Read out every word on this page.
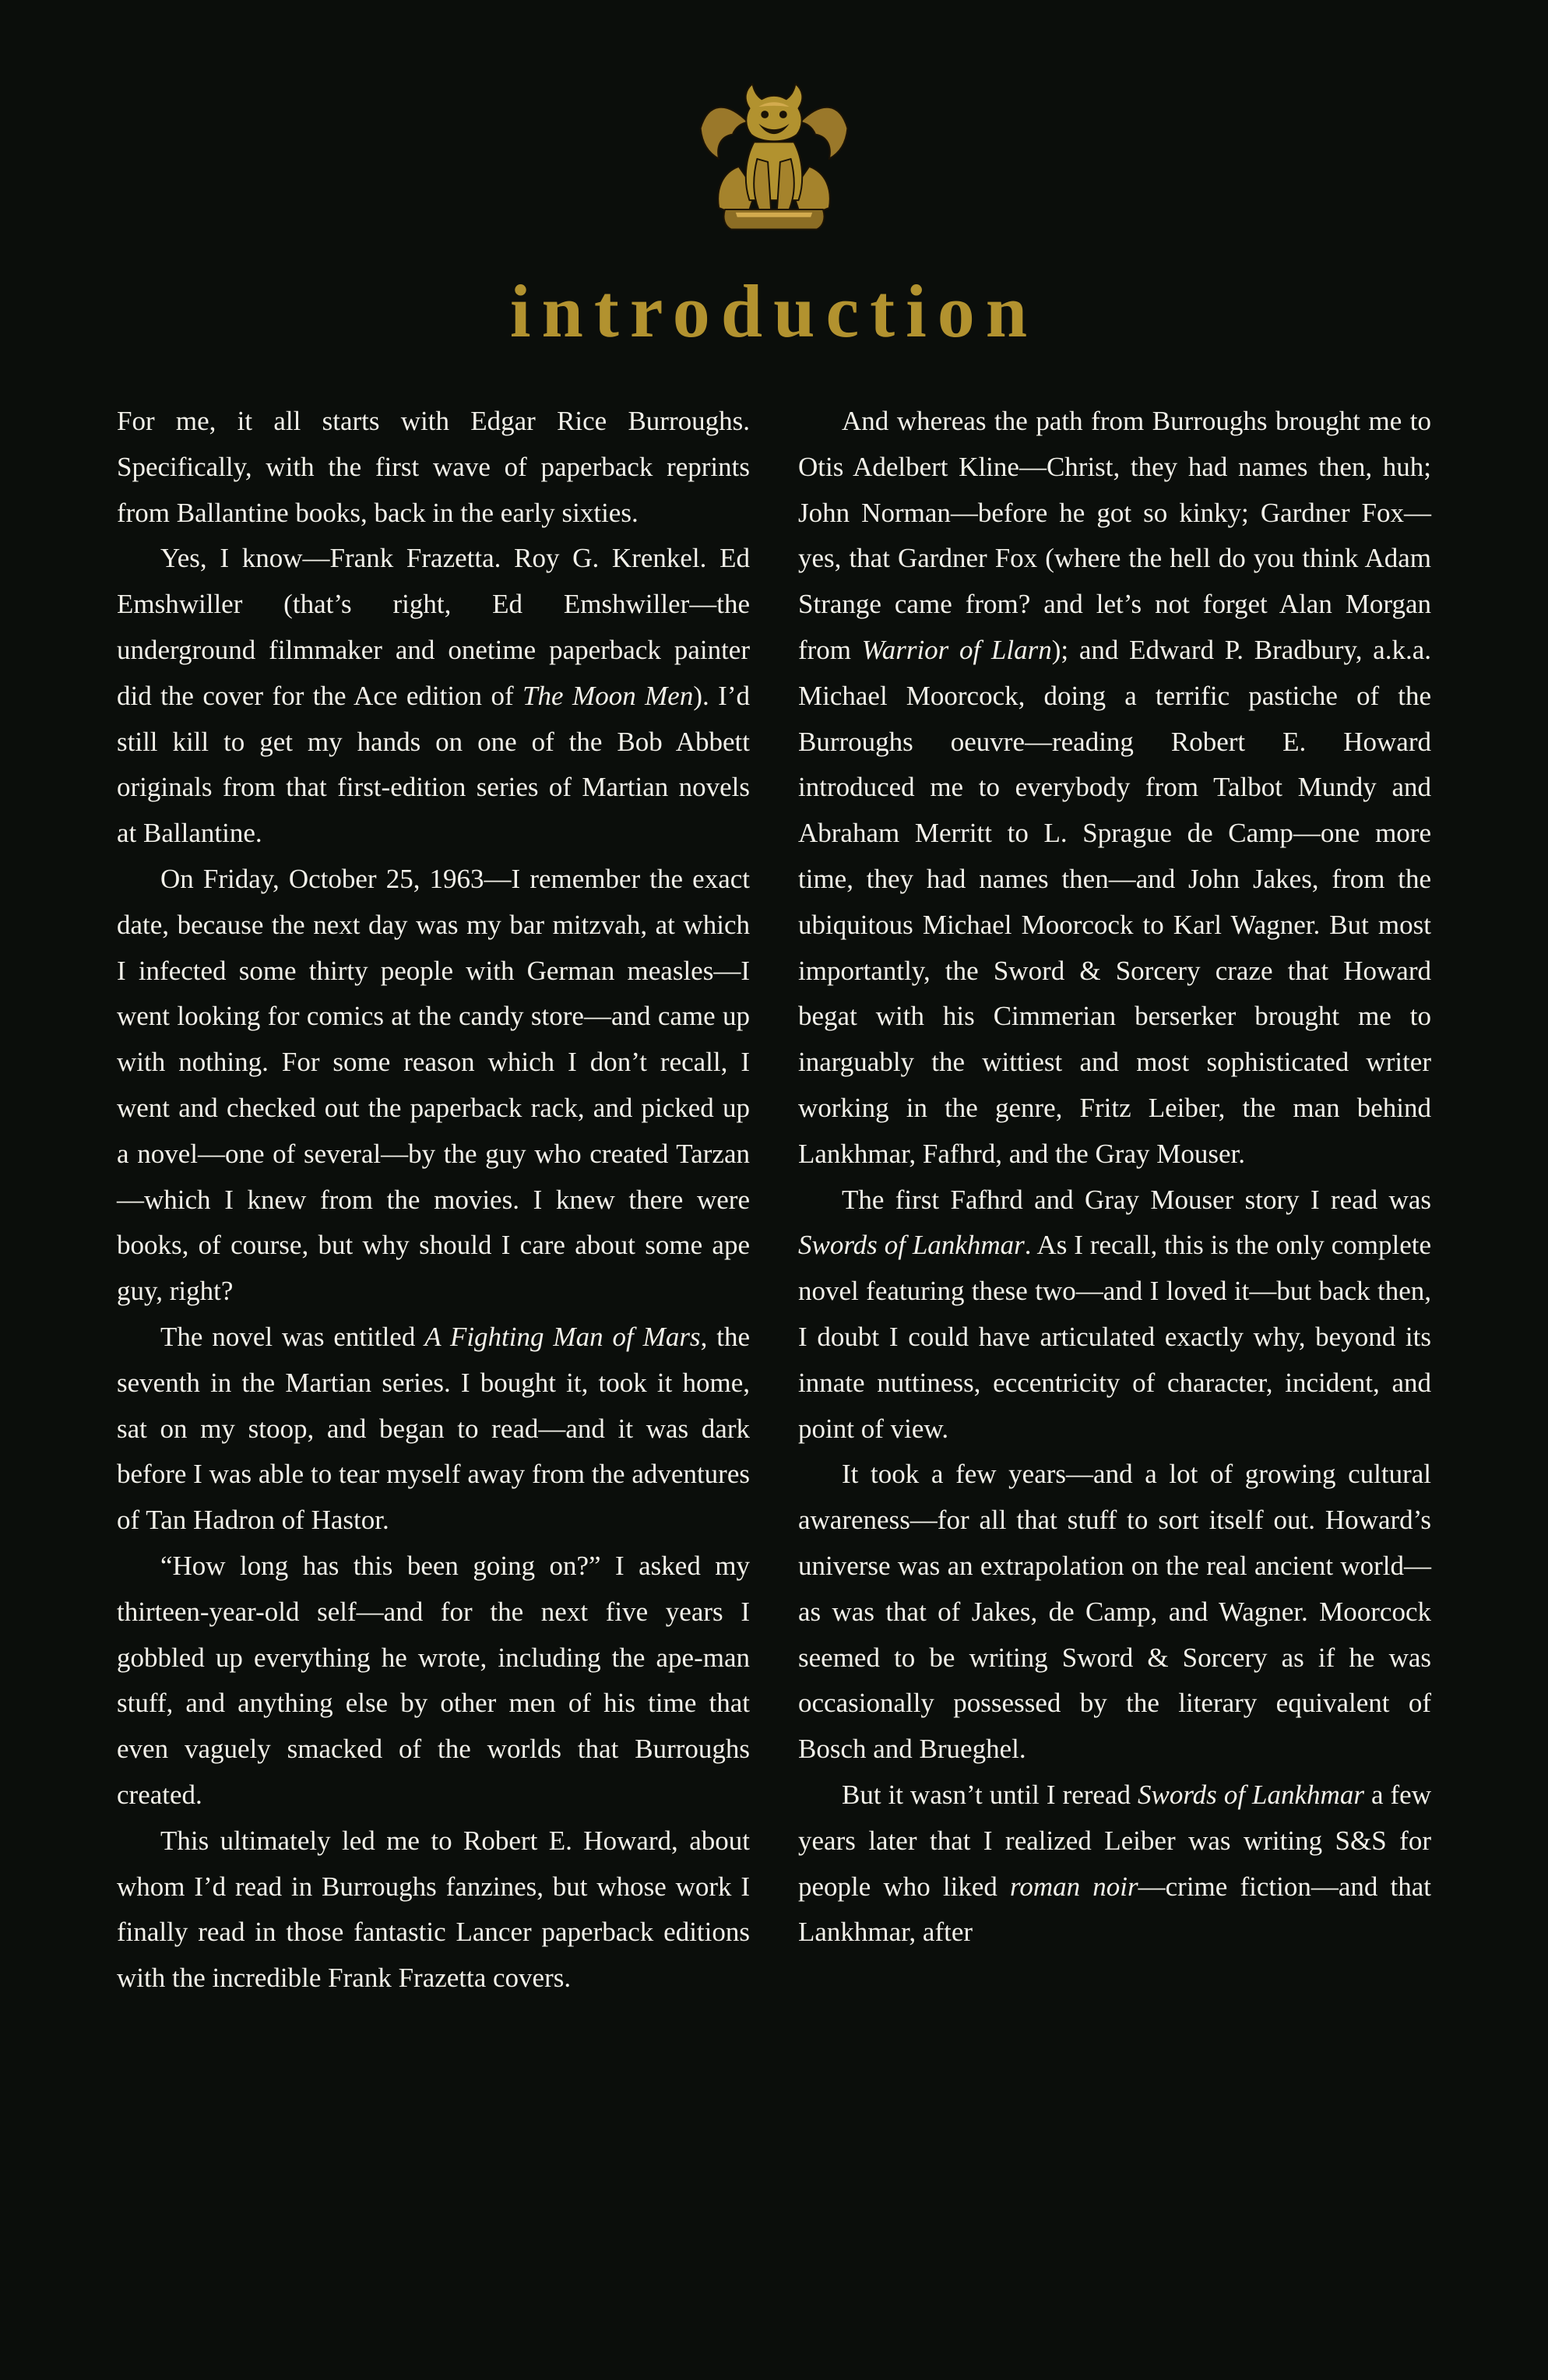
introduction

For me, it all starts with Edgar Rice Burroughs. Specifically, with the first wave of paperback reprints from Ballantine books, back in the early sixties.

Yes, I know—Frank Frazetta. Roy G. Krenkel. Ed Emshwiller (that’s right, Ed Emshwiller—the underground filmmaker and onetime paperback painter did the cover for the Ace edition of The Moon Men). I’d still kill to get my hands on one of the Bob Abbett originals from that first-edition series of Martian novels at Ballantine.

On Friday, October 25, 1963—I remember the exact date, because the next day was my bar mitzvah, at which I infected some thirty people with German measles—I went looking for comics at the candy store—and came up with nothing. For some reason which I don’t recall, I went and checked out the paperback rack, and picked up a novel—one of several—by the guy who created Tarzan—which I knew from the movies. I knew there were books, of course, but why should I care about some ape guy, right?

The novel was entitled A Fighting Man of Mars, the seventh in the Martian series. I bought it, took it home, sat on my stoop, and began to read—and it was dark before I was able to tear myself away from the adventures of Tan Hadron of Hastor.

“How long has this been going on?” I asked my thirteen-year-old self—and for the next five years I gobbled up everything he wrote, including the ape-man stuff, and anything else by other men of his time that even vaguely smacked of the worlds that Burroughs created.

This ultimately led me to Robert E. Howard, about whom I’d read in Burroughs fanzines, but whose work I finally read in those fantastic Lancer paperback editions with the incredible Frank Frazetta covers.

And whereas the path from Burroughs brought me to Otis Adelbert Kline—Christ, they had names then, huh; John Norman—before he got so kinky; Gardner Fox—yes, that Gardner Fox (where the hell do you think Adam Strange came from? and let’s not forget Alan Morgan from Warrior of Llarn); and Edward P. Bradbury, a.k.a. Michael Moorcock, doing a terrific pastiche of the Burroughs oeuvre—reading Robert E. Howard introduced me to everybody from Talbot Mundy and Abraham Merritt to L. Sprague de Camp—one more time, they had names then—and John Jakes, from the ubiquitous Michael Moorcock to Karl Wagner. But most importantly, the Sword & Sorcery craze that Howard begat with his Cimmerian berserker brought me to inarguably the wittiest and most sophisticated writer working in the genre, Fritz Leiber, the man behind Lankhmar, Fafhrd, and the Gray Mouser.

The first Fafhrd and Gray Mouser story I read was Swords of Lankhmar. As I recall, this is the only complete novel featuring these two—and I loved it—but back then, I doubt I could have articulated exactly why, beyond its innate nuttiness, eccentricity of character, incident, and point of view.

It took a few years—and a lot of growing cultural awareness—for all that stuff to sort itself out. Howard’s universe was an extrapolation on the real ancient world—as was that of Jakes, de Camp, and Wagner. Moorcock seemed to be writing Sword & Sorcery as if he was occasionally possessed by the literary equivalent of Bosch and Brueghel.

But it wasn’t until I reread Swords of Lankhmar a few years later that I realized Leiber was writing S&S for people who liked roman noir—crime fiction—and that Lankhmar, after
